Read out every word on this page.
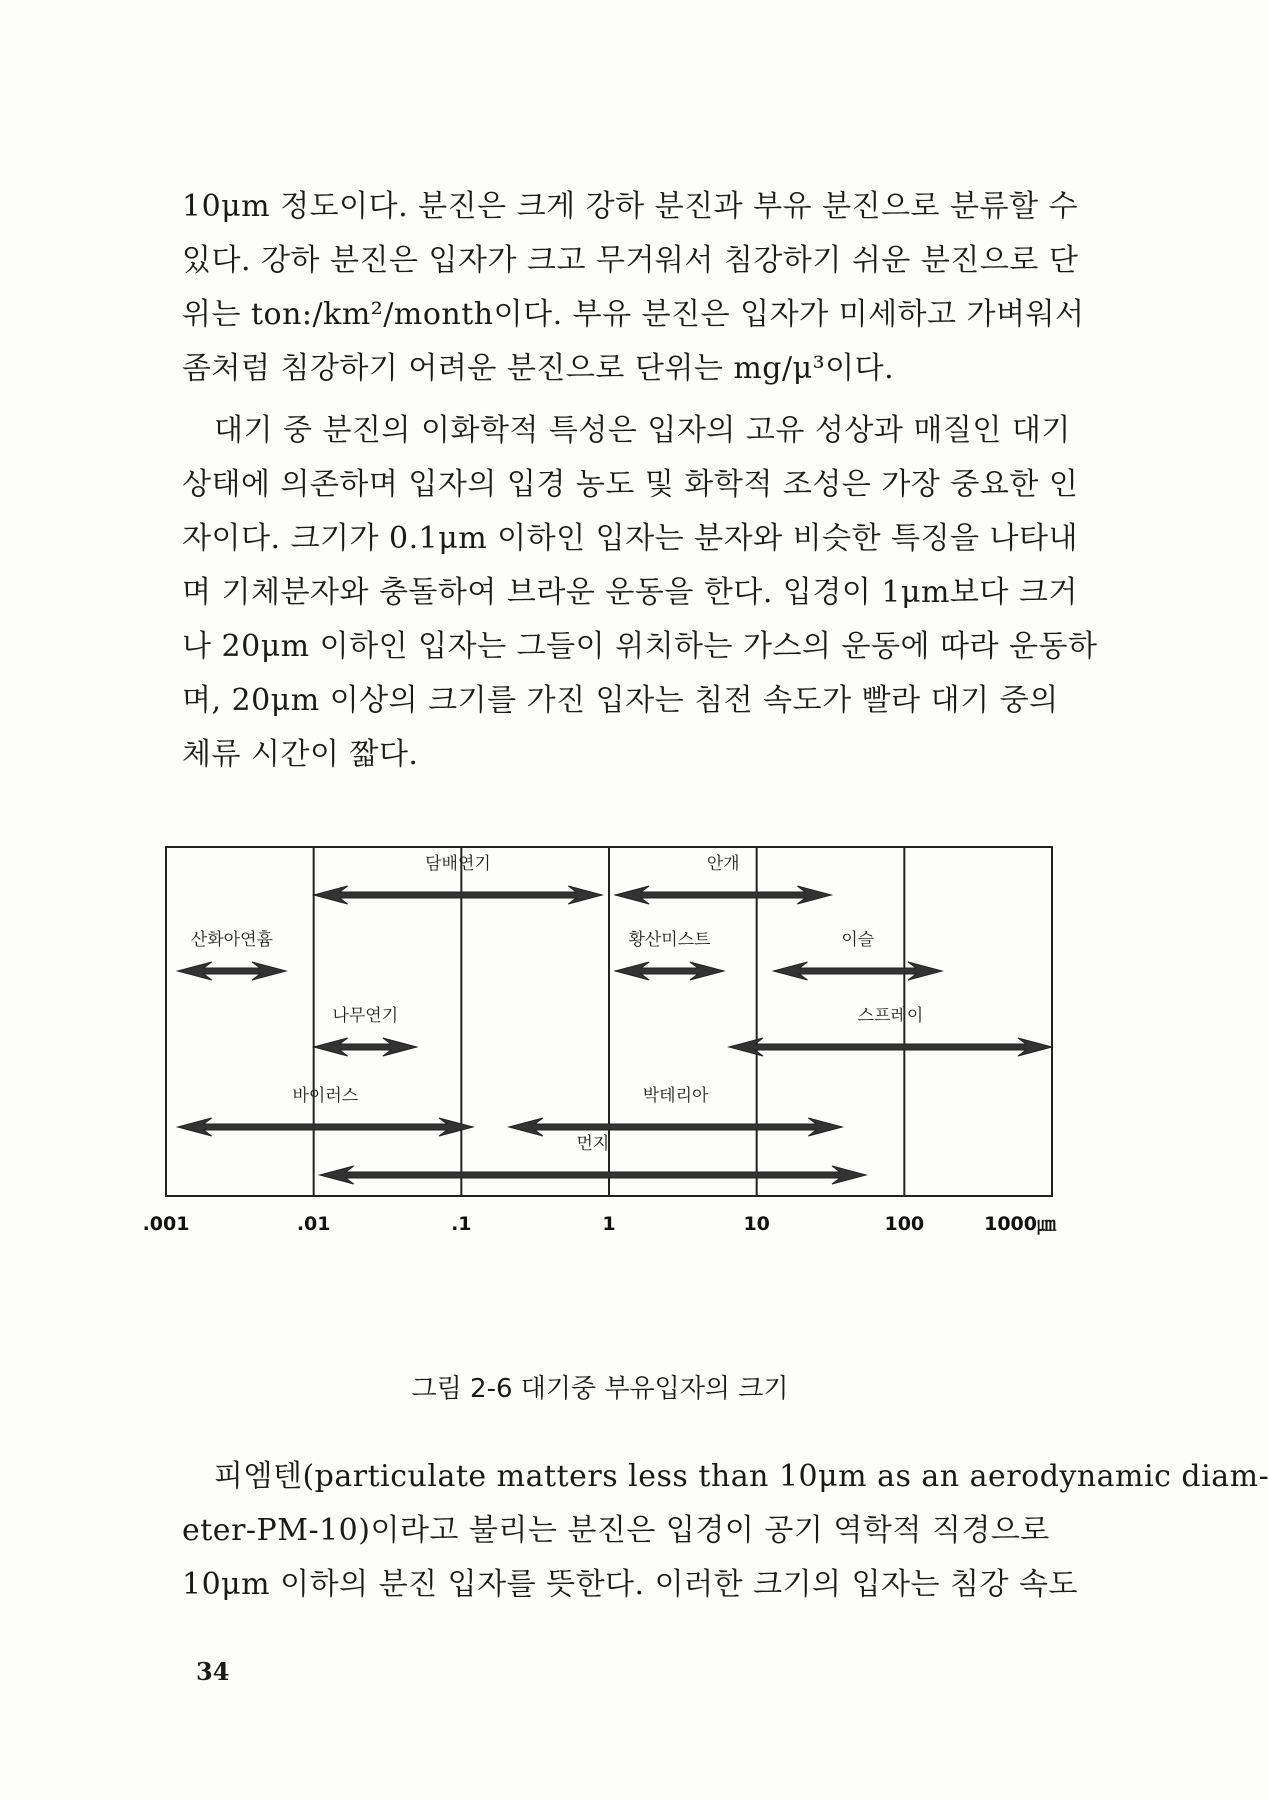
10μm 정도이다. 분진은 크게 강하 분진과 부유 분진으로 분류할 수
있다. 강하 분진은 입자가 크고 무거워서 침강하기 쉬운 분진으로 단
위는 ton:/km²/month이다. 부유 분진은 입자가 미세하고 가벼워서
좀처럼 침강하기 어려운 분진으로 단위는 mg/μ³이다.
대기 중 분진의 이화학적 특성은 입자의 고유 성상과 매질인 대기
상태에 의존하며 입자의 입경 농도 및 화학적 조성은 가장 중요한 인
자이다. 크기가 0.1μm 이하인 입자는 분자와 비슷한 특징을 나타내
며 기체분자와 충돌하여 브라운 운동을 한다. 입경이 1μm보다 크거
나 20μm 이하인 입자는 그들이 위치하는 가스의 운동에 따라 운동하
며, 20μm 이상의 크기를 가진 입자는 침전 속도가 빨라 대기 중의
체류 시간이 짧다.
담배연기	안개
산화아연흄	황산미스트	이슬
나무연기	스프레이
바이러스	박테리아
먼지
.001	.01	.1	1	10	100	1000㎛
그림 2-6 대기중 부유입자의 크기
피엠텐(particulate matters less than 10μm as an aerodynamic diam-
eter-PM-10)이라고 불리는 분진은 입경이 공기 역학적 직경으로
10μm 이하의 분진 입자를 뜻한다. 이러한 크기의 입자는 침강 속도
34
